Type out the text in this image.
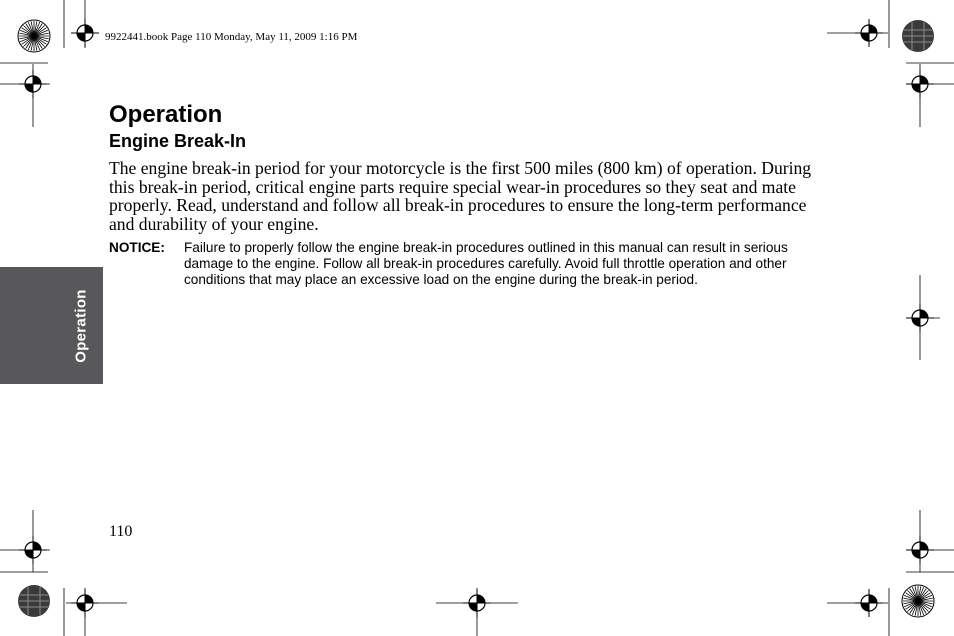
9922441.book Page 110 Monday, May 11, 2009 1:16 PM
Operation
Operation
Engine Break-In

The engine break-in period for your motorcycle is the first 500 miles (800 km) of operation. During this break-in period, critical engine parts require special wear-in procedures so they seat and mate properly. Read, understand and follow all break-in procedures to ensure the long-term performance and durability of your engine.

NOTICE: Failure to properly follow the engine break-in procedures outlined in this manual can result in serious damage to the engine. Follow all break-in procedures carefully. Avoid full throttle operation and other conditions that may place an excessive load on the engine during the break-in period.

110
